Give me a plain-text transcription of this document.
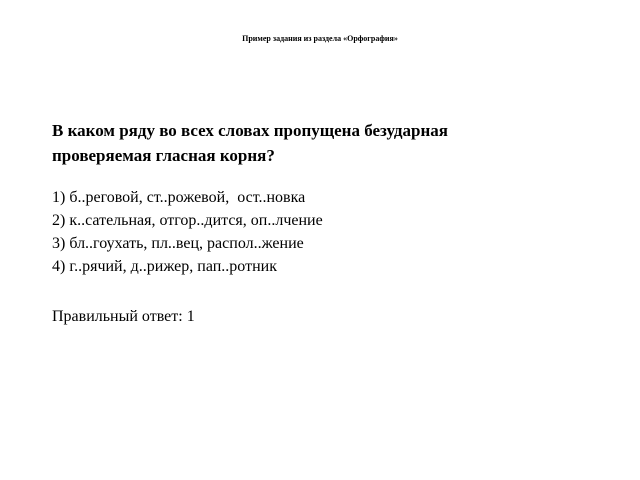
Пример задания из раздела «Орфография»
В каком ряду во всех словах пропущена безударная
проверяемая гласная корня?
1) б..реговой, ст..рожевой,  ост..новка
2) к..сательная, отгор..дится, оп..лчение
3) бл..гоухать, пл..вец, распол..жение
4) г..рячий, д..рижер, пап..ротник
Правильный ответ: 1
